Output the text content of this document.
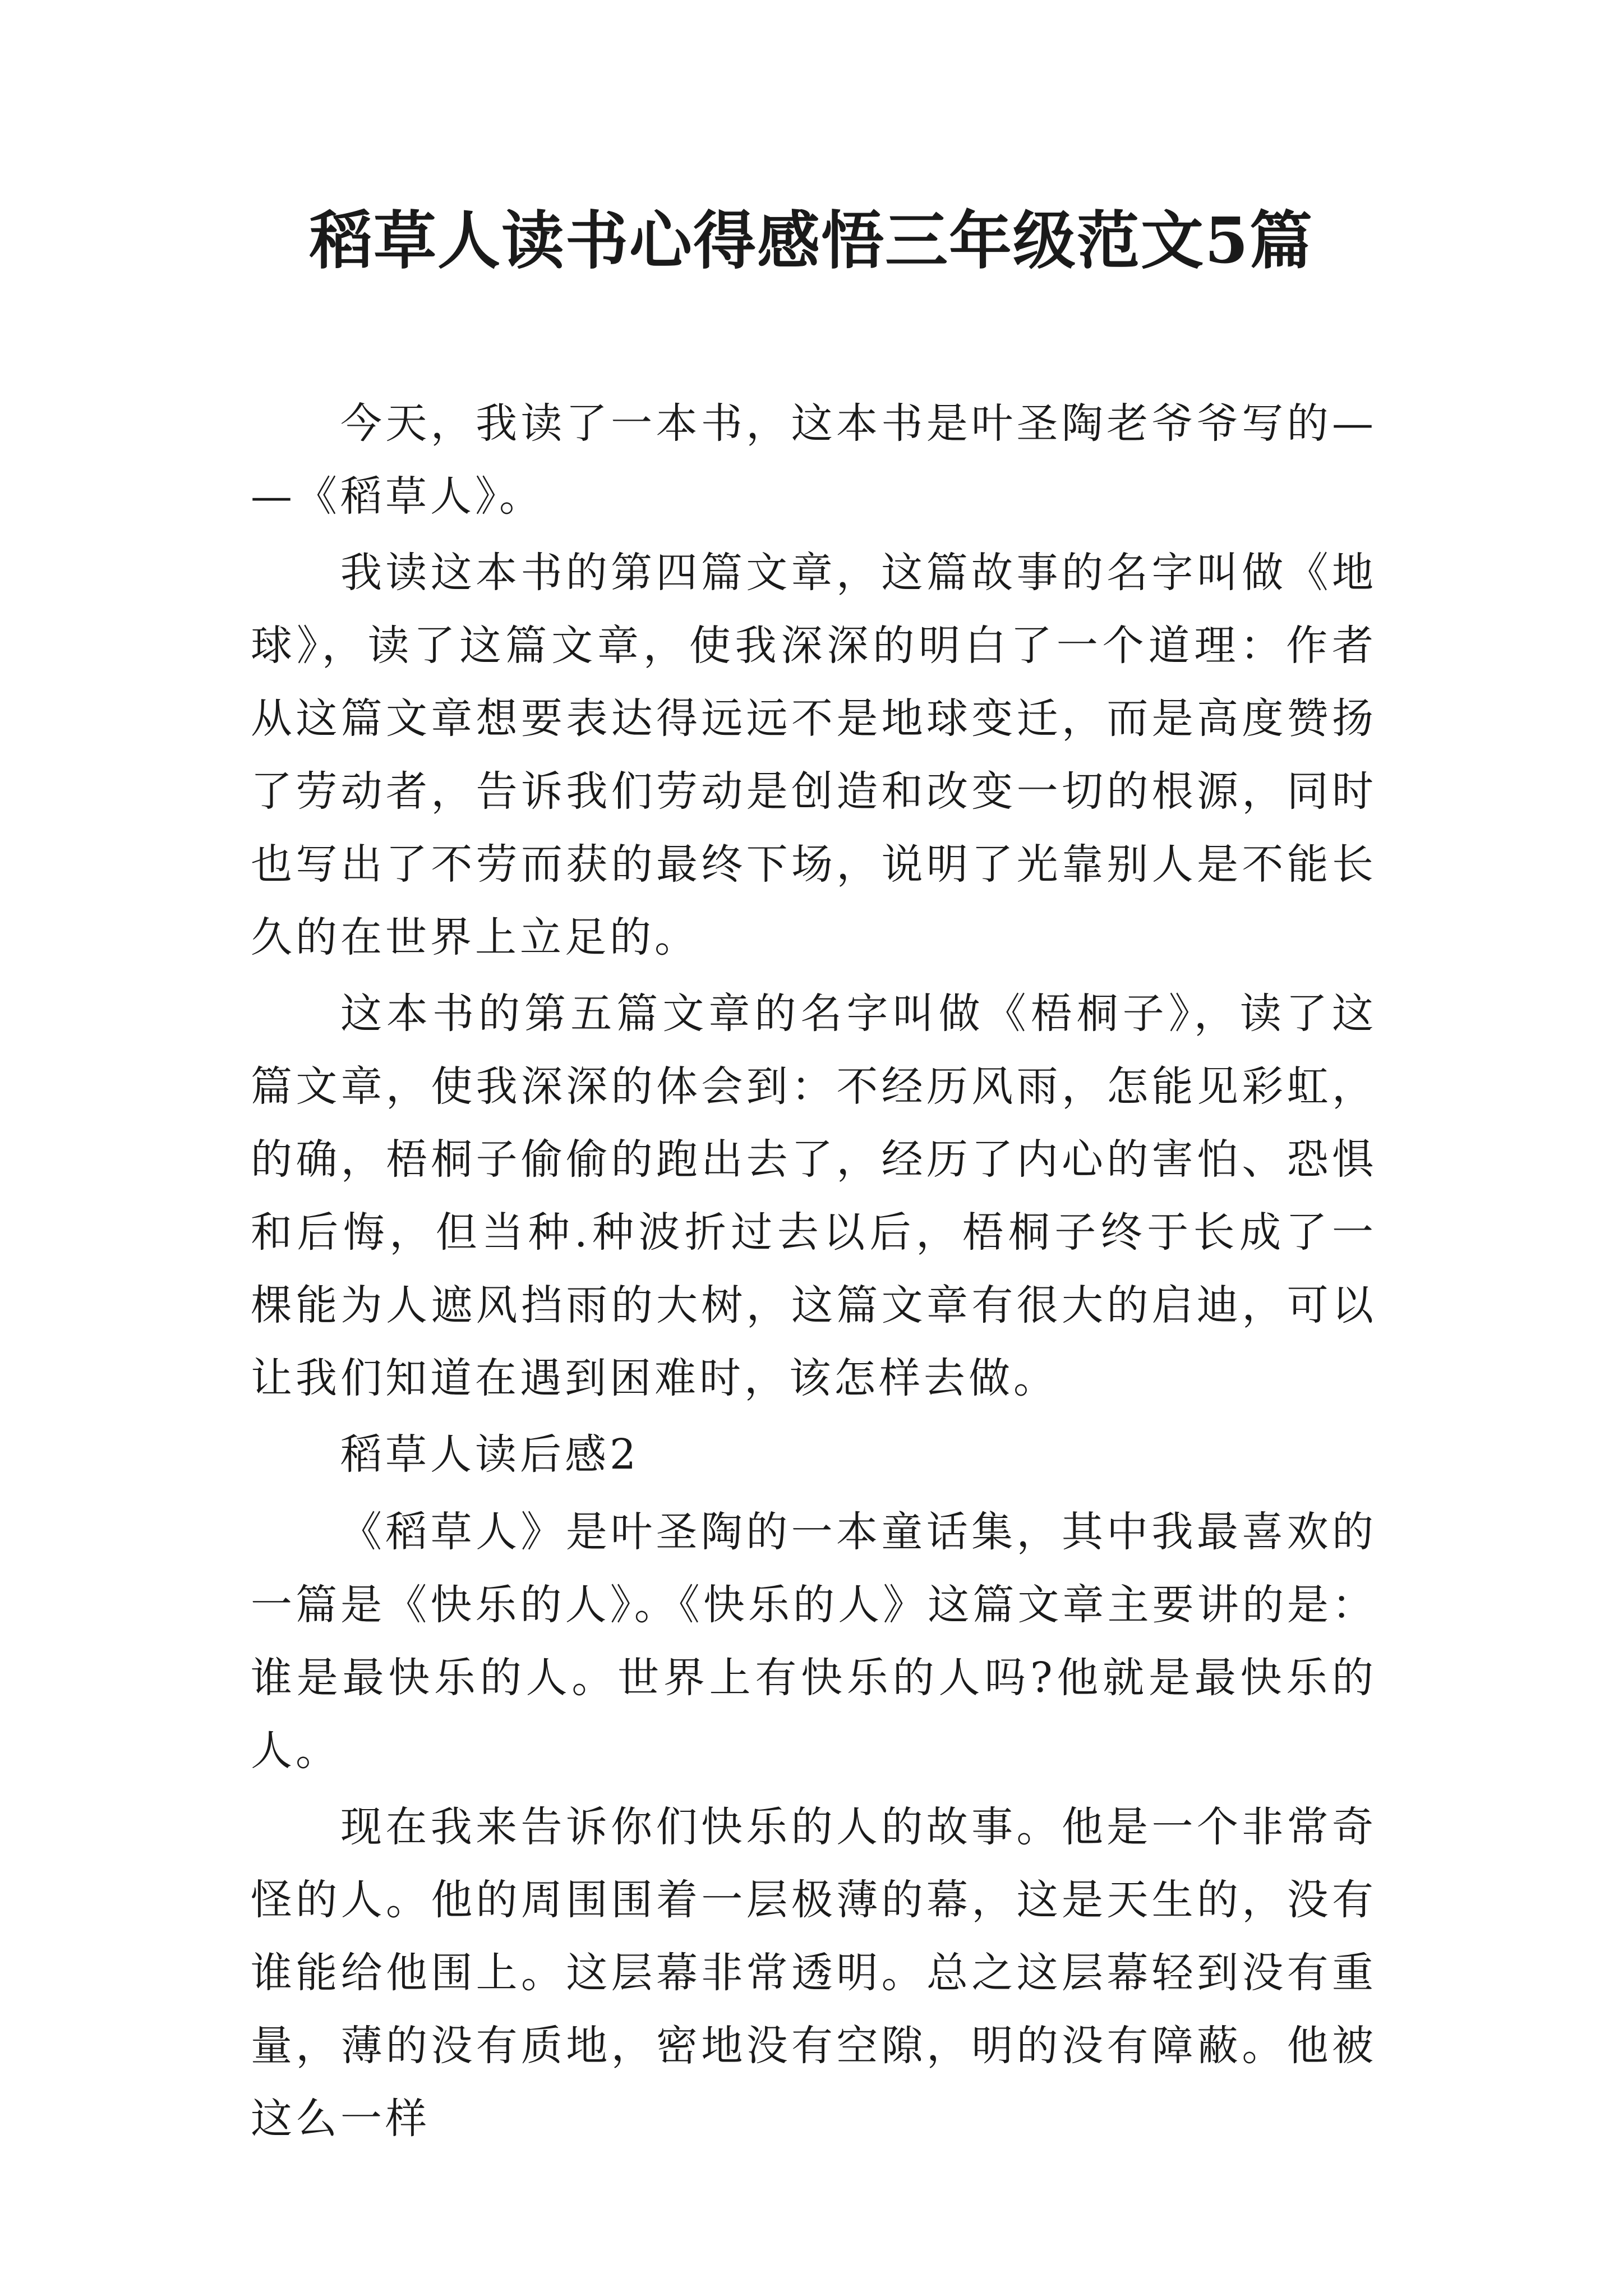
稻草人读书心得感悟三年级范文5篇

今天，我读了一本书，这本书是叶圣陶老爷爷写的— —《稻草人》。

我读这本书的第四篇文章，这篇故事的名字叫做《地球》，读了这篇文章，使我深深的明白了一个道理：作者从这篇文章想要表达得远远不是地球变迁，而是高度赞扬了劳动者，告诉我们劳动是创造和改变一切的根源，同时也写出了不劳而获的最终下场，说明了光靠别人是不能长久的在世界上立足的。

这本书的第五篇文章的名字叫做《梧桐子》，读了这篇文章，使我深深的体会到：不经历风雨，怎能见彩虹，的确，梧桐子偷偷的跑出去了，经历了内心的害怕、恐惧和后悔，但当种.种波折过去以后，梧桐子终于长成了一棵能为人遮风挡雨的大树，这篇文章有很大的启迪，可以让我们知道在遇到困难时，该怎样去做。

稻草人读后感2

《稻草人》是叶圣陶的一本童话集，其中我最喜欢的一篇是《快乐的人》。《快乐的人》这篇文章主要讲的是：谁是最快乐的人。世界上有快乐的人吗?他就是最快乐的人。

现在我来告诉你们快乐的人的故事。他是一个非常奇怪的人。他的周围围着一层极薄的幕，这是天生的，没有谁能给他围上。这层幕非常透明。总之这层幕轻到没有重量，薄的没有质地，密地没有空隙，明的没有障蔽。他被这么一样
